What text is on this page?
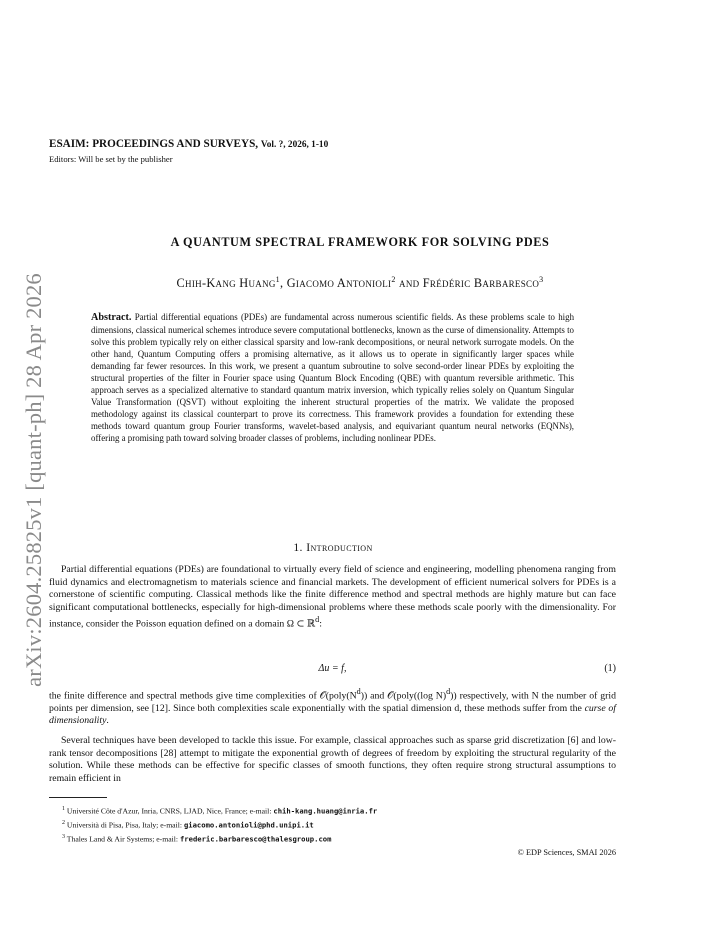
arXiv:2604.25825v1 [quant-ph] 28 Apr 2026
ESAIM: PROCEEDINGS AND SURVEYS, Vol. ?, 2026, 1-10
Editors: Will be set by the publisher
A QUANTUM SPECTRAL FRAMEWORK FOR SOLVING PDES
Chih-Kang Huang$^1$, Giacomo Antonioli$^2$ and Frédéric Barbaresco$^3$
Abstract. Partial differential equations (PDEs) are fundamental across numerous scientific fields. As these problems scale to high dimensions, classical numerical schemes introduce severe computational bottlenecks, known as the curse of dimensionality. Attempts to solve this problem typically rely on either classical sparsity and low-rank decompositions, or neural network surrogate models. On the other hand, Quantum Computing offers a promising alternative, as it allows us to operate in significantly larger spaces while demanding far fewer resources. In this work, we present a quantum subroutine to solve second-order linear PDEs by exploiting the structural properties of the filter in Fourier space using Quantum Block Encoding (QBE) with quantum reversible arithmetic. This approach serves as a specialized alternative to standard quantum matrix inversion, which typically relies solely on Quantum Singular Value Transformation (QSVT) without exploiting the inherent structural properties of the matrix. We validate the proposed methodology against its classical counterpart to prove its correctness. This framework provides a foundation for extending these methods toward quantum group Fourier transforms, wavelet-based analysis, and equivariant quantum neural networks (EQNNs), offering a promising path toward solving broader classes of problems, including nonlinear PDEs.
1. Introduction
Partial differential equations (PDEs) are foundational to virtually every field of science and engineering, modelling phenomena ranging from fluid dynamics and electromagnetism to materials science and financial markets. The development of efficient numerical solvers for PDEs is a cornerstone of scientific computing. Classical methods like the finite difference method and spectral methods are highly mature but can face significant computational bottlenecks, especially for high-dimensional problems where these methods scale poorly with the dimensionality. For instance, consider the Poisson equation defined on a domain Ω ⊂ ℝ$^d$:
Δu = f,	(1)
the finite difference and spectral methods give time complexities of $𝒪(poly(N^d))$ and 𝒪(poly((log N)$^d$)) respectively, with N the number of grid points per dimension, see [12]. Since both complexities scale exponentially with the spatial dimension d, these methods suffer from the curse of dimensionality.
Several techniques have been developed to tackle this issue. For example, classical approaches such as sparse grid discretization [6] and low-rank tensor decompositions [28] attempt to mitigate the exponential growth of degrees of freedom by exploiting the structural regularity of the solution. While these methods can be effective for specific classes of smooth functions, they often require strong structural assumptions to remain efficient in
$^1$ Université Côte d'Azur, Inria, CNRS, LJAD, Nice, France; e-mail: chih-kang.huang@inria.fr
$^2$ Università di Pisa, Pisa, Italy; e-mail: giacomo.antonioli@phd.unipi.it
$^3$ Thales Land & Air Systems; e-mail: frederic.barbaresco@thalesgroup.com
© EDP Sciences, SMAI 2026
